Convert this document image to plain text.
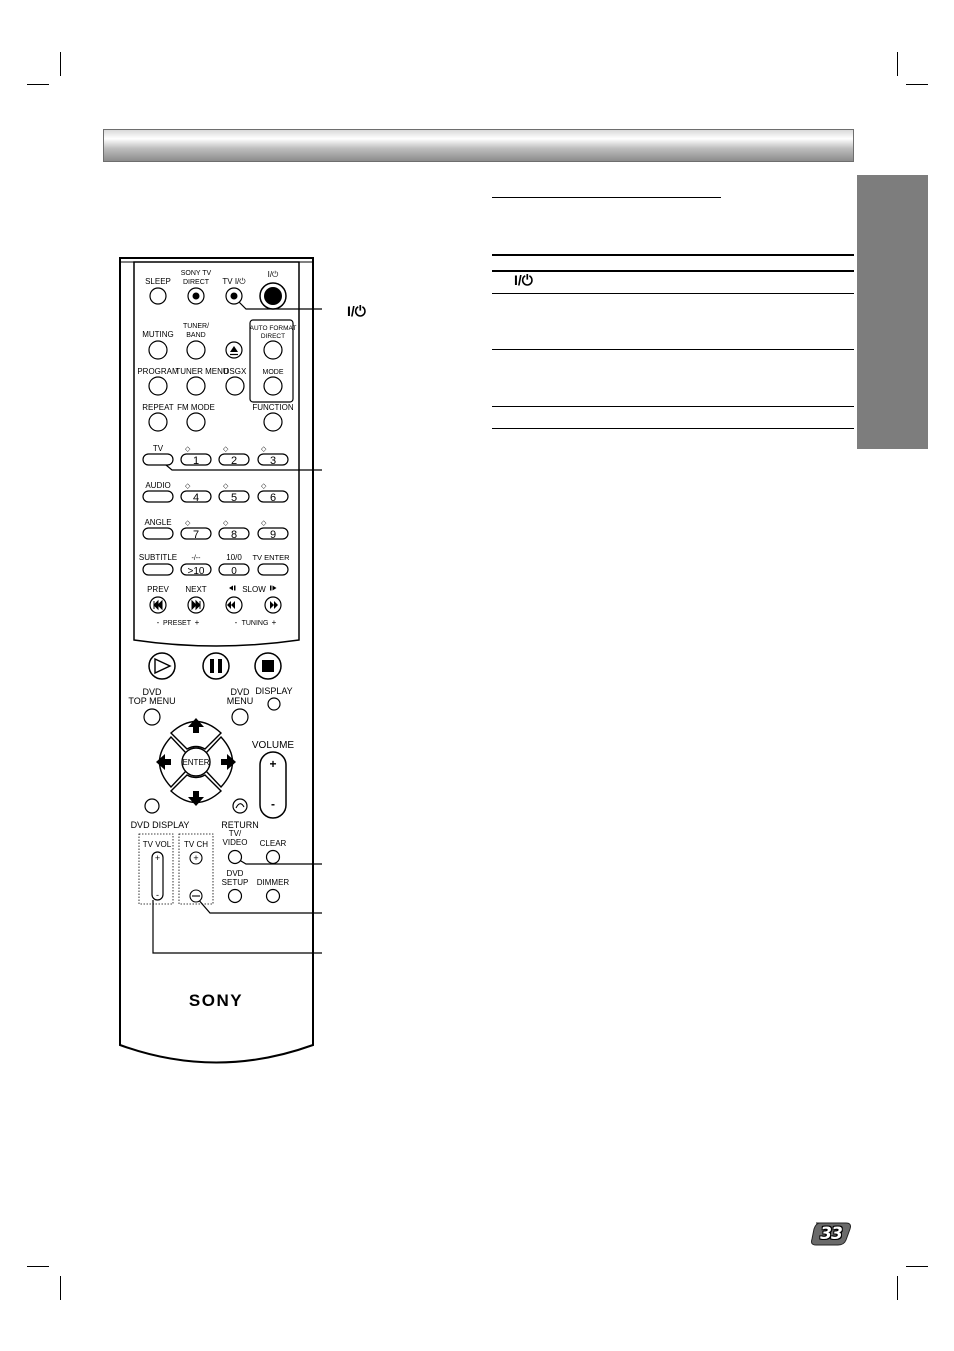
I/⏻
I/⏻
SLEEP
SONY TV
DIRECT TV I/⏻
I/⏻
MUTING
TUNER/
BAND
AUTO FORMAT
DIRECT
PROGRAM
TUNER MENU
DSGX MODE
REPEAT FM MODE	FUNCTION
TV	◇	◇	◇
1	2	3
AUDIO ◇	◇	◇
4	5	6
ANGLE ◇	◇	◇
7	8	9
SUBTITLE -/--
>10
10/0
0
TV ENTER
PREV NEXT	SLOW
- PRESET +	- TUNING +
DVD
TOP MENU
DVD
MENU
DISPLAY
ENTER
VOLUME
+
-
DVD DISPLAY	RETURN
TV VOL
+
-
TV CH
+
TV/
VIDEO CLEAR
DVD
SETUP DIMMER
SONY
33
